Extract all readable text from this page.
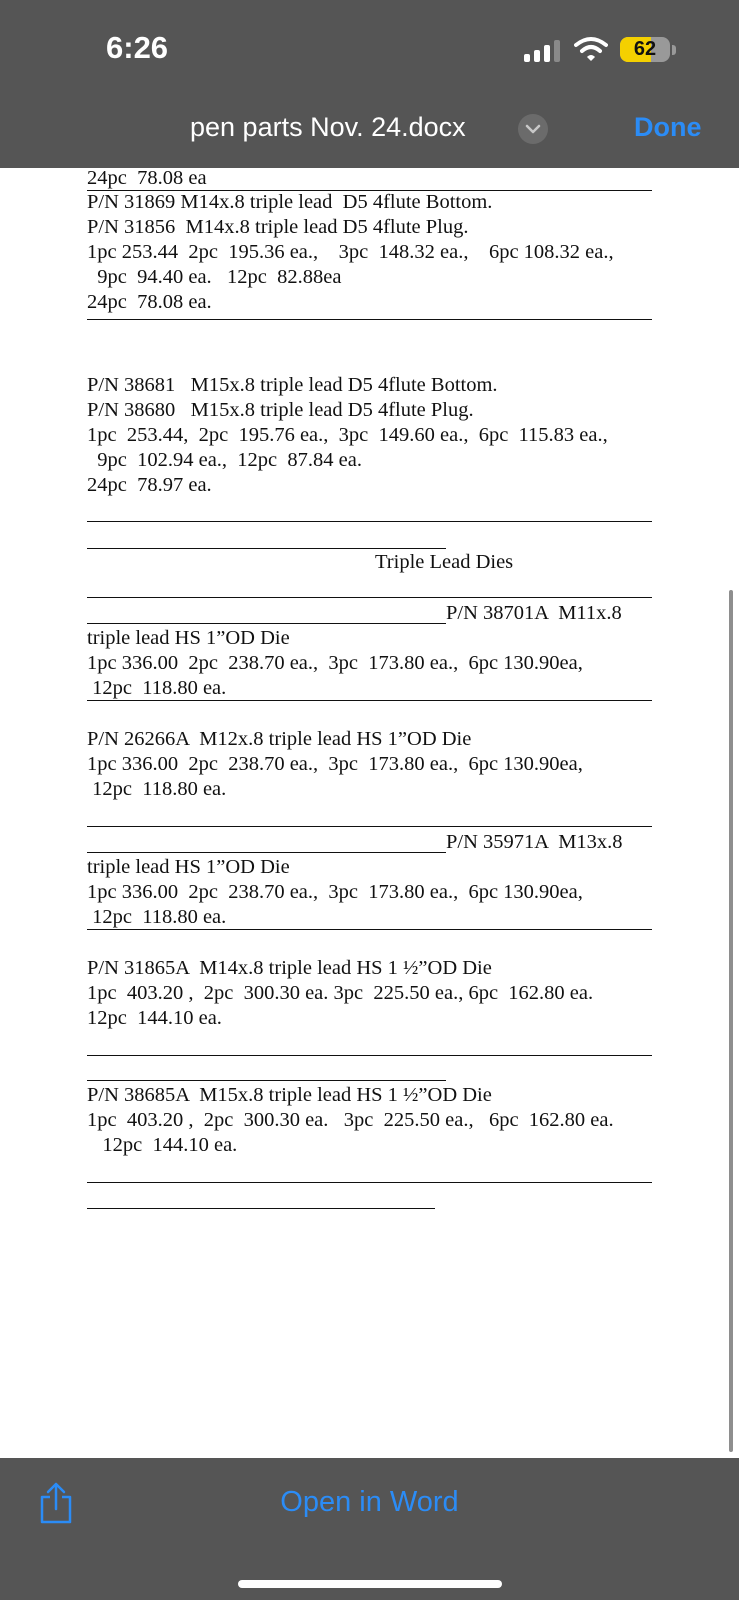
6:26	62
pen parts Nov. 24.docx	Done
24pc  78.08 ea
P/N 31869 M14x.8 triple lead  D5 4flute Bottom.
P/N 31856  M14x.8 triple lead D5 4flute Plug.
1pc 253.44  2pc  195.36 ea.,    3pc  148.32 ea.,    6pc 108.32 ea.,
9pc  94.40 ea.   12pc  82.88ea
24pc  78.08 ea.
P/N 38681   M15x.8 triple lead D5 4flute Bottom.
P/N 38680   M15x.8 triple lead D5 4flute Plug.
1pc  253.44,  2pc  195.76 ea.,  3pc  149.60 ea.,  6pc  115.83 ea.,
9pc  102.94 ea.,  12pc  87.84 ea.
24pc  78.97 ea.
Triple Lead Dies
P/N 38701A  M11x.8
triple lead HS 1”OD Die
1pc 336.00  2pc  238.70 ea.,  3pc  173.80 ea.,  6pc 130.90ea,
12pc  118.80 ea.
P/N 26266A  M12x.8 triple lead HS 1”OD Die
1pc 336.00  2pc  238.70 ea.,  3pc  173.80 ea.,  6pc 130.90ea,
12pc  118.80 ea.
P/N 35971A  M13x.8
triple lead HS 1”OD Die
1pc 336.00  2pc  238.70 ea.,  3pc  173.80 ea.,  6pc 130.90ea,
12pc  118.80 ea.
P/N 31865A  M14x.8 triple lead HS 1 ½”OD Die
1pc  403.20 ,  2pc  300.30 ea. 3pc  225.50 ea., 6pc  162.80 ea.
12pc  144.10 ea.
P/N 38685A  M15x.8 triple lead HS 1 ½”OD Die
1pc  403.20 ,  2pc  300.30 ea.   3pc  225.50 ea.,   6pc  162.80 ea.
12pc  144.10 ea.
Open in Word
